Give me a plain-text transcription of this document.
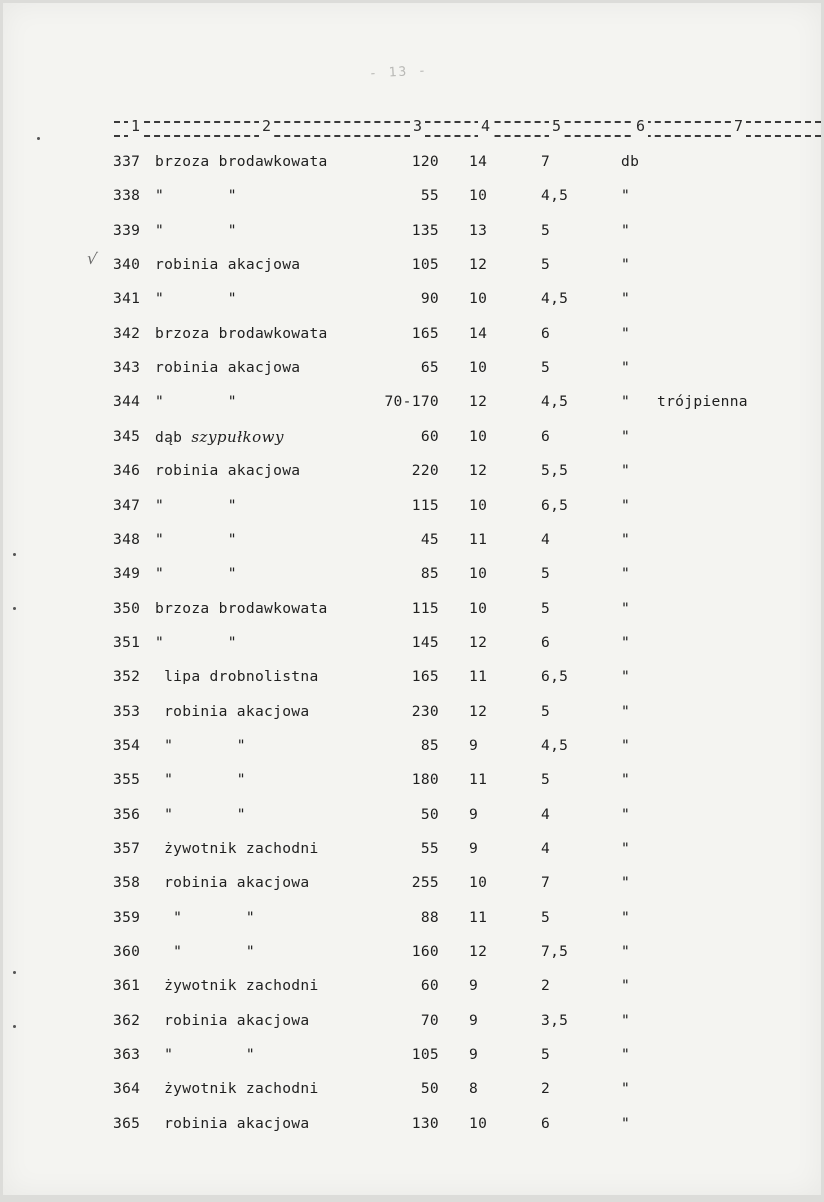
- 13 -
1	2	3	4	5	6	7
√
337 brzoza brodawkowata	120 14	7	db
338 "       "	55 10	4,5	"
339 "       "	135 13	5	"
340 robinia akacjowa	105 12	5	"
341 "       "	90 10	4,5	"
342 brzoza brodawkowata	165 14	6	"
343 robinia akacjowa	65 10	5	"
344 "       "	70-170 12	4,5	" trójpienna
345 dąb szypułkowy	60 10	6	"
346 robinia akacjowa	220 12	5,5	"
347 "       "	115 10	6,5	"
348 "       "	45 11	4	"
349 "       "	85 10	5	"
350 brzoza brodawkowata	115 10	5	"
351 "       "	145 12	6	"
352 lipa drobnolistna	165 11	6,5	"
353 robinia akacjowa	230 12	5	"
354 "       "	85 9	4,5	"
355 "       "	180 11	5	"
356 "       "	50 9	4	"
357 żywotnik zachodni	55 9	4	"
358 robinia akacjowa	255 10	7	"
359 "       "	88 11	5	"
360 "       "	160 12	7,5	"
361 żywotnik zachodni	60 9	2	"
362 robinia akacjowa	70 9	3,5	"
363 "        "	105 9	5	"
364 żywotnik zachodni	50 8	2	"
365 robinia akacjowa	130 10	6	"
